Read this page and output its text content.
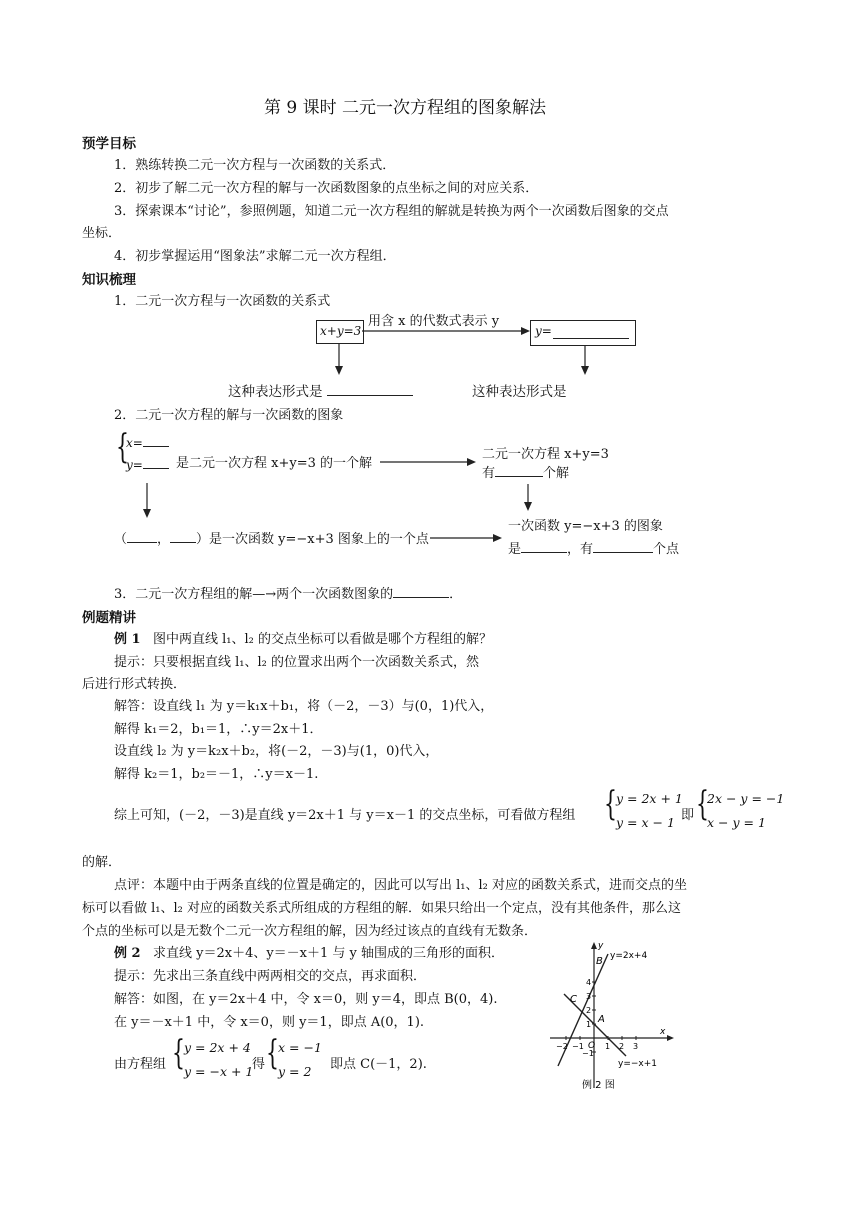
第 9 课时 二元一次方程组的图象解法
预学目标
1．熟练转换二元一次方程与一次函数的关系式．
2．初步了解二元一次方程的解与一次函数图象的点坐标之间的对应关系．
3．探索课本“讨论”，参照例题，知道二元一次方程组的解就是转换为两个一次函数后图象的交点
坐标．
4．初步掌握运用“图象法”求解二元一次方程组．
知识梳理
1．二元一次方程与一次函数的关系式
x+y=3
用含 x 的代数式表示 y
y=
这种表达形式是	这种表达形式是
2．二元一次方程的解与一次函数的图象
{
x=
y=	是二元一次方程 x+y=3 的一个解
二元一次方程 x+y=3
有	个解
（ ， ）是一次函数 y=−x+3 图象上的一个点
一次函数 y=−x+3 的图象
是	，有	个点
3．二元一次方程组的解—→两个一次函数图象的	．
例题精讲
例 1 图中两直线 l₁、l₂ 的交点坐标可以看做是哪个方程组的解？
提示：只要根据直线 l₁、l₂ 的位置求出两个一次函数关系式，然
后进行形式转换．
解答：设直线 l₁ 为 y＝k₁x＋b₁，将（－2，－3）与(0，1)代入，
解得 k₁＝2，b₁＝1，∴y＝2x＋1．
设直线 l₂ 为 y＝k₂x＋b₂，将(－2，－3)与(1，0)代入，
解得 k₂＝1，b₂＝－1，∴y＝x－1.
综上可知，(－2，－3)是直线 y＝2x＋1 与 y＝x－1 的交点坐标，可看做方程组 { y = 2x + 1
y = x − 1 即 {
2x − y = −1
x − y = 1
的解．
点评：本题中由于两条直线的位置是确定的，因此可以写出 l₁、l₂ 对应的函数关系式，进而交点的坐
标可以看做 l₁、l₂ 对应的函数关系式所组成的方程组的解．如果只给出一个定点，没有其他条件，那么这
个点的坐标可以是无数个二元一次方程组的解，因为经过该点的直线有无数条．
例 2 求直线 y＝2x＋4、y＝－x＋1 与 y 轴围成的三角形的面积．
提示：先求出三条直线中两两相交的交点，再求面积．
解答：如图，在 y＝2x＋4 中，令 x＝0，则 y＝4，即点 B(0，4).
在 y＝－x＋1 中，令 x＝0，则 y＝1，即点 A(0，1).
由方程组 { y = 2x + 4
y = −x + 1
得 { x = −1
y = 2 即点 C(－1，2).
y
x
y=2x+4
y=−x+1
B
C
A
O
−2 −1	1 2 3
4
3
2
1
−1
例 2 图
